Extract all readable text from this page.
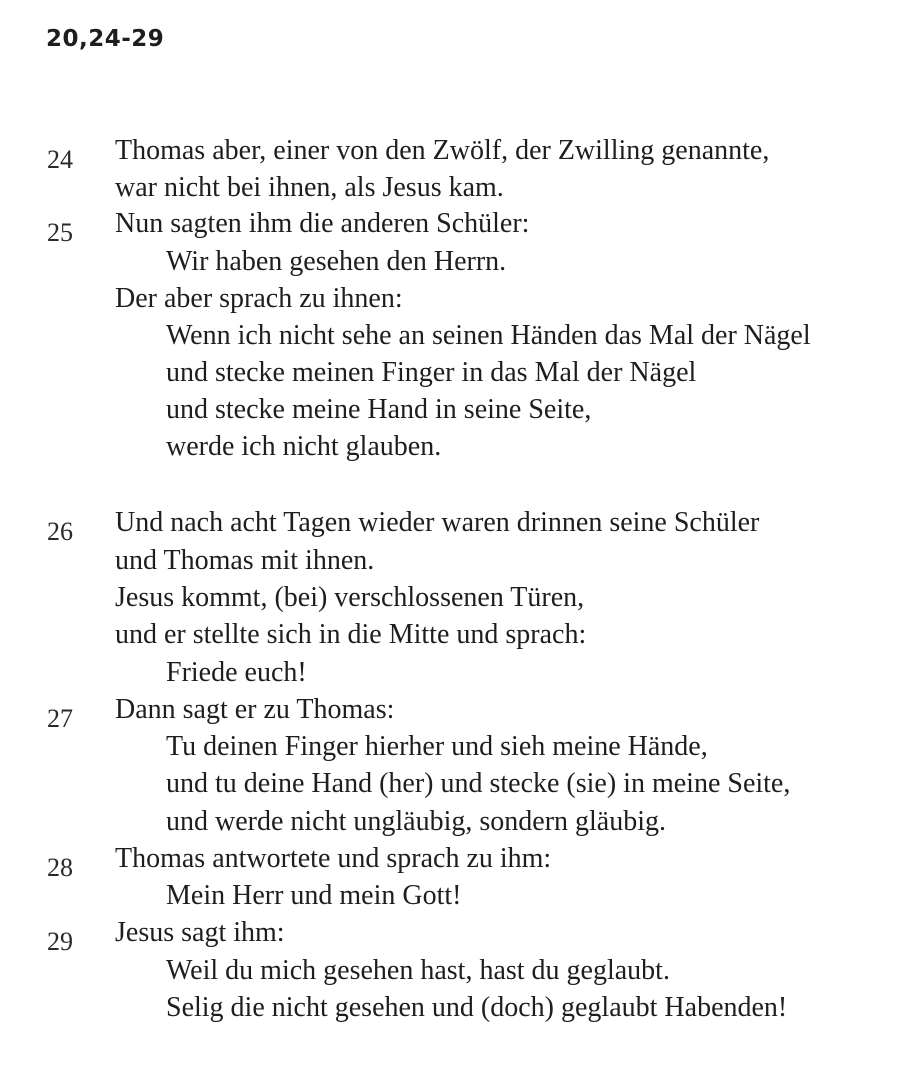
20,24-29
24 Thomas aber, einer von den Zwölf, der Zwilling genannte,
war nicht bei ihnen, als Jesus kam.
25 Nun sagten ihm die anderen Schüler:
Wir haben gesehen den Herrn.
Der aber sprach zu ihnen:
Wenn ich nicht sehe an seinen Händen das Mal der Nägel
und stecke meinen Finger in das Mal der Nägel
und stecke meine Hand in seine Seite,
werde ich nicht glauben.
26 Und nach acht Tagen wieder waren drinnen seine Schüler
und Thomas mit ihnen.
Jesus kommt, (bei) verschlossenen Türen,
und er stellte sich in die Mitte und sprach:
Friede euch!
27 Dann sagt er zu Thomas:
Tu deinen Finger hierher und sieh meine Hände,
und tu deine Hand (her) und stecke (sie) in meine Seite,
und werde nicht ungläubig, sondern gläubig.
28 Thomas antwortete und sprach zu ihm:
Mein Herr und mein Gott!
29 Jesus sagt ihm:
Weil du mich gesehen hast, hast du geglaubt.
Selig die nicht gesehen und (doch) geglaubt Habenden!
